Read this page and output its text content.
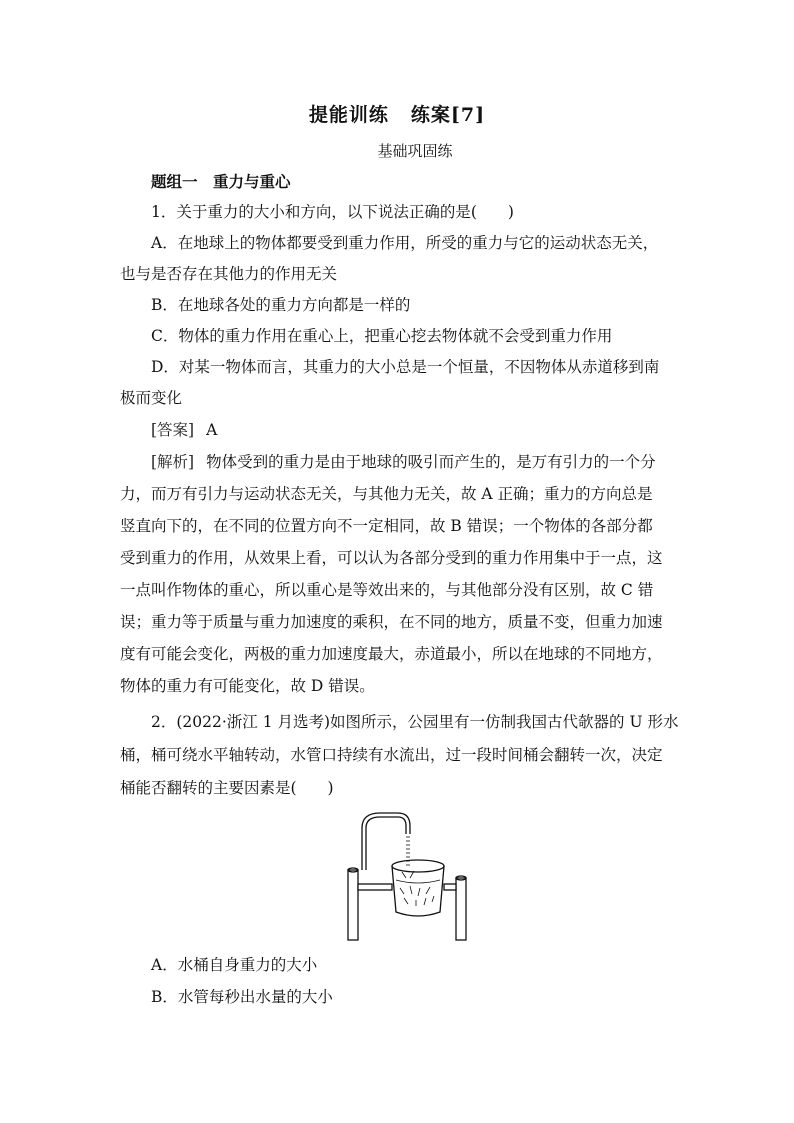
提能训练 练案[7]
基础巩固练
题组一　重力与重心
1．关于重力的大小和方向，以下说法正确的是(　　)
A．在地球上的物体都要受到重力作用，所受的重力与它的运动状态无关，
也与是否存在其他力的作用无关
B．在地球各处的重力方向都是一样的
C．物体的重力作用在重心上，把重心挖去物体就不会受到重力作用
D．对某一物体而言，其重力的大小总是一个恒量，不因物体从赤道移到南
极而变化
[答案] A
[解析] 物体受到的重力是由于地球的吸引而产生的，是万有引力的一个分
力，而万有引力与运动状态无关，与其他力无关，故 A 正确；重力的方向总是
竖直向下的，在不同的位置方向不一定相同，故 B 错误；一个物体的各部分都
受到重力的作用，从效果上看，可以认为各部分受到的重力作用集中于一点，这
一点叫作物体的重心，所以重心是等效出来的，与其他部分没有区别，故 C 错
误；重力等于质量与重力加速度的乘积，在不同的地方，质量不变，但重力加速
度有可能会变化，两极的重力加速度最大，赤道最小，所以在地球的不同地方，
物体的重力有可能变化，故 D 错误。
2．(2022·浙江 1 月选考)如图所示，公园里有一仿制我国古代欹器的 U 形水
桶，桶可绕水平轴转动，水管口持续有水流出，过一段时间桶会翻转一次，决定
桶能否翻转的主要因素是(　　)
A．水桶自身重力的大小
B．水管每秒出水量的大小
